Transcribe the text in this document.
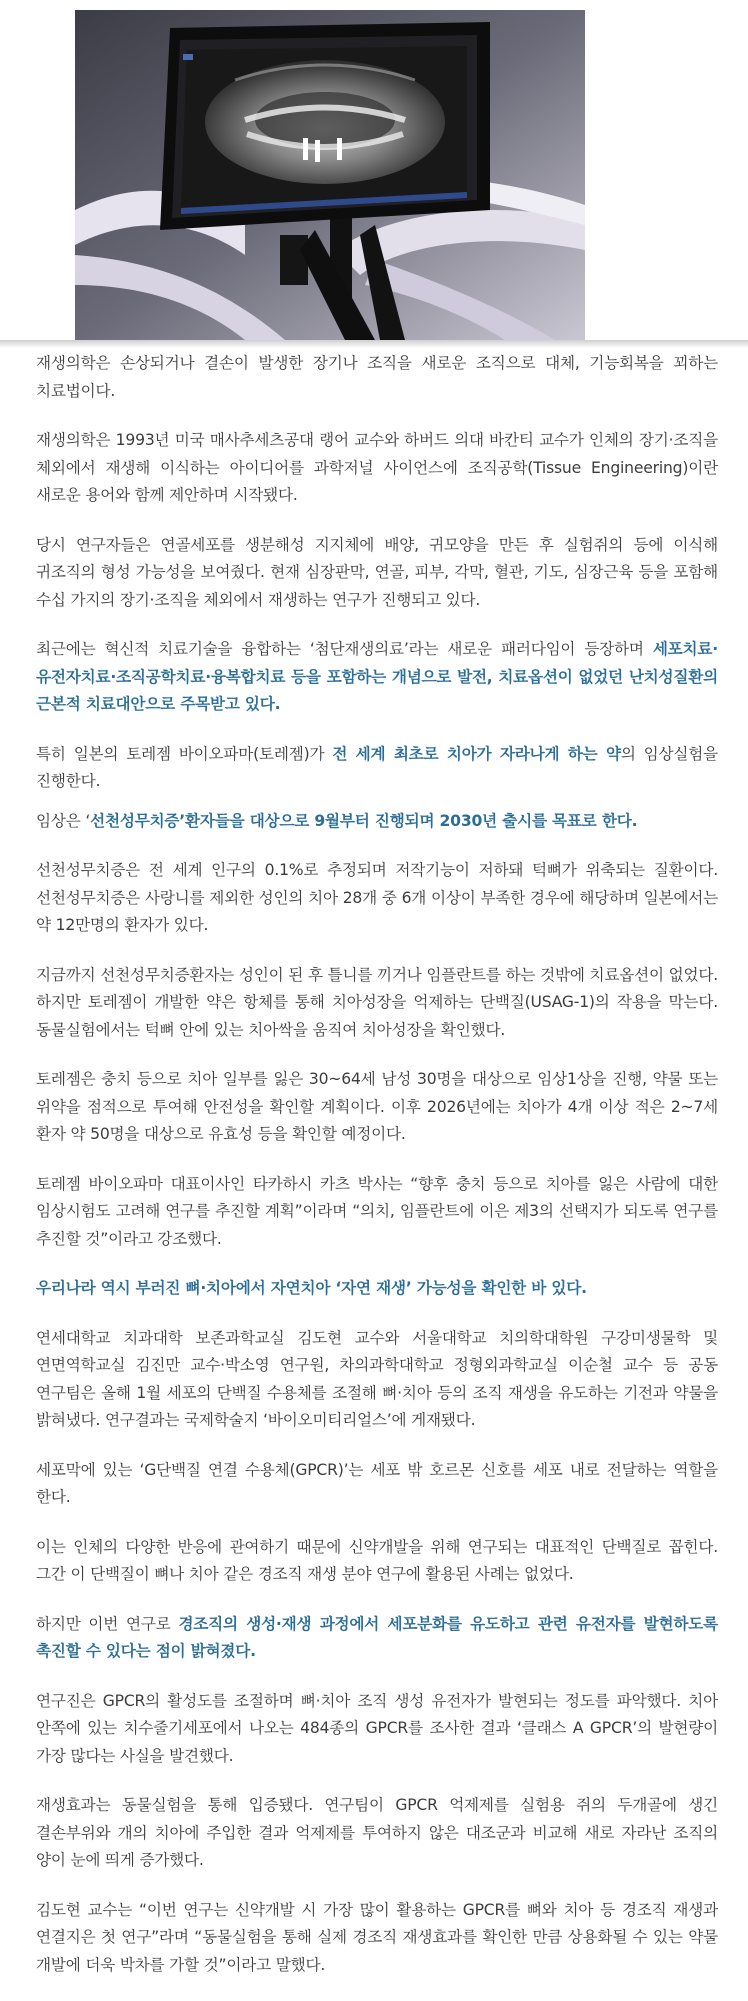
재생의학은 손상되거나 결손이 발생한 장기나 조직을 새로운 조직으로 대체, 기능회복을 꾀하는 치료법이다.

재생의학은 1993년 미국 매사추세츠공대 랭어 교수와 하버드 의대 바칸티 교수가 인체의 장기·조직을 체외에서 재생해 이식하는 아이디어를 과학저널 사이언스에 조직공학(Tissue Engineering)이란 새로운 용어와 함께 제안하며 시작됐다.

당시 연구자들은 연골세포를 생분해성 지지체에 배양, 귀모양을 만든 후 실험쥐의 등에 이식해 귀조직의 형성 가능성을 보여줬다. 현재 심장판막, 연골, 피부, 각막, 혈관, 기도, 심장근육 등을 포함해 수십 가지의 장기·조직을 체외에서 재생하는 연구가 진행되고 있다.

최근에는 혁신적 치료기술을 융합하는 ‘첨단재생의료’라는 새로운 패러다임이 등장하며 세포치료·유전자치료·조직공학치료·융복합치료 등을 포함하는 개념으로 발전, 치료옵션이 없었던 난치성질환의 근본적 치료대안으로 주목받고 있다.

특히 일본의 토레젬 바이오파마(토레젬)가 전 세계 최초로 치아가 자라나게 하는 약의 임상실험을 진행한다.

임상은 ‘선천성무치증’환자들을 대상으로 9월부터 진행되며 2030년 출시를 목표로 한다.

선천성무치증은 전 세계 인구의 0.1%로 추정되며 저작기능이 저하돼 턱뼈가 위축되는 질환이다. 선천성무치증은 사랑니를 제외한 성인의 치아 28개 중 6개 이상이 부족한 경우에 해당하며 일본에서는 약 12만명의 환자가 있다.

지금까지 선천성무치증환자는 성인이 된 후 틀니를 끼거나 임플란트를 하는 것밖에 치료옵션이 없었다. 하지만 토레젬이 개발한 약은 항체를 통해 치아성장을 억제하는 단백질(USAG-1)의 작용을 막는다. 동물실험에서는 턱뼈 안에 있는 치아싹을 움직여 치아성장을 확인했다.

토레젬은 충치 등으로 치아 일부를 잃은 30~64세 남성 30명을 대상으로 임상1상을 진행, 약물 또는 위약을 점적으로 투여해 안전성을 확인할 계획이다. 이후 2026년에는 치아가 4개 이상 적은 2~7세 환자 약 50명을 대상으로 유효성 등을 확인할 예정이다.

토레젬 바이오파마 대표이사인 타카하시 카츠 박사는 “향후 충치 등으로 치아를 잃은 사람에 대한 임상시험도 고려해 연구를 추진할 계획”이라며 “의치, 임플란트에 이은 제3의 선택지가 되도록 연구를 추진할 것”이라고 강조했다.

우리나라 역시 부러진 뼈·치아에서 자연치아 ‘자연 재생’ 가능성을 확인한 바 있다.

연세대학교 치과대학 보존과학교실 김도현 교수와 서울대학교 치의학대학원 구강미생물학 및 연면역학교실 김진만 교수·박소영 연구원, 차의과학대학교 정형외과학교실 이순철 교수 등 공동 연구팀은 올해 1월 세포의 단백질 수용체를 조절해 뼈·치아 등의 조직 재생을 유도하는 기전과 약물을 밝혀냈다. 연구결과는 국제학술지 ‘바이오미티리얼스’에 게재됐다.

세포막에 있는 ‘G단백질 연결 수용체(GPCR)’는 세포 밖 호르몬 신호를 세포 내로 전달하는 역할을 한다.

이는 인체의 다양한 반응에 관여하기 때문에 신약개발을 위해 연구되는 대표적인 단백질로 꼽힌다. 그간 이 단백질이 뼈나 치아 같은 경조직 재생 분야 연구에 활용된 사례는 없었다.

하지만 이번 연구로 경조직의 생성·재생 과정에서 세포분화를 유도하고 관련 유전자를 발현하도록 촉진할 수 있다는 점이 밝혀졌다.

연구진은 GPCR의 활성도를 조절하며 뼈·치아 조직 생성 유전자가 발현되는 정도를 파악했다. 치아 안쪽에 있는 치수줄기세포에서 나오는 484종의 GPCR를 조사한 결과 ‘클래스 A GPCR’의 발현량이 가장 많다는 사실을 발견했다.

재생효과는 동물실험을 통해 입증됐다. 연구팀이 GPCR 억제제를 실험용 쥐의 두개골에 생긴 결손부위와 개의 치아에 주입한 결과 억제제를 투여하지 않은 대조군과 비교해 새로 자라난 조직의 양이 눈에 띄게 증가했다.

김도현 교수는 “이번 연구는 신약개발 시 가장 많이 활용하는 GPCR를 뼈와 치아 등 경조직 재생과 연결지은 첫 연구”라며 “동물실험을 통해 실제 경조직 재생효과를 확인한 만큼 상용화될 수 있는 약물 개발에 더욱 박차를 가할 것”이라고 말했다.
